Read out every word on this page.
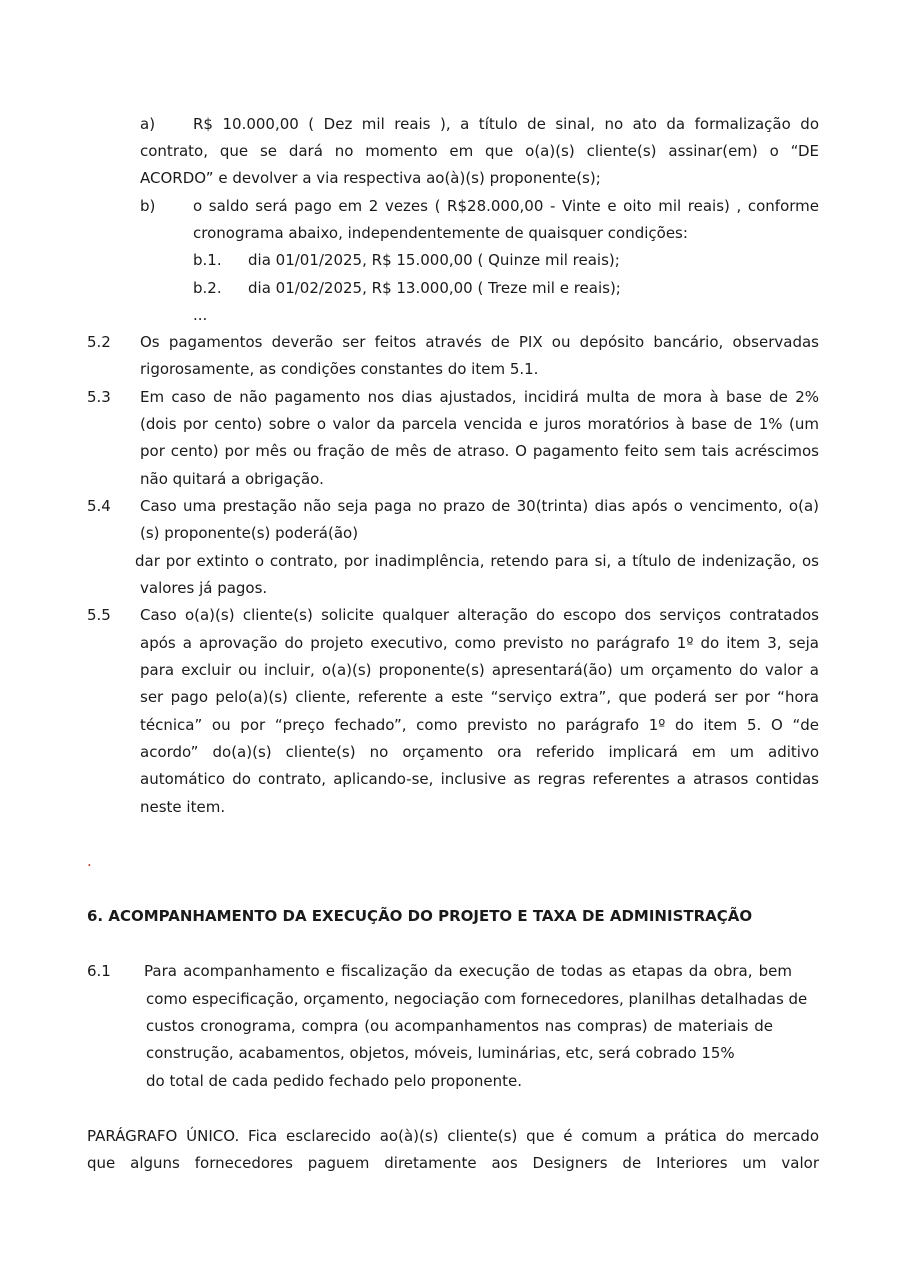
a)	R$ 10.000,00 ( Dez mil reais ), a título de sinal, no ato da formalização do
contrato, que se dará no momento em que o(a)(s) cliente(s) assinar(em) o “DE
ACORDO” e devolver a via respectiva ao(à)(s) proponente(s);
b)	o saldo será pago em 2 vezes ( R$28.000,00 - Vinte e oito mil reais) , conforme
cronograma abaixo, independentemente de quaisquer condições:
b.1. dia 01/01/2025, R$ 15.000,00 ( Quinze mil reais);
b.2. dia 01/02/2025, R$ 13.000,00 ( Treze mil e reais);
...
5.2 Os pagamentos deverão ser feitos através de PIX ou depósito bancário, observadas
rigorosamente, as condições constantes do item 5.1.
5.3 Em caso de não pagamento nos dias ajustados, incidirá multa de mora à base de 2%
(dois por cento) sobre o valor da parcela vencida e juros moratórios à base de 1% (um
por cento) por mês ou fração de mês de atraso. O pagamento feito sem tais acréscimos
não quitará a obrigação.
5.4 Caso uma prestação não seja paga no prazo de 30(trinta) dias após o vencimento, o(a)
(s) proponente(s) poderá(ão)
dar por extinto o contrato, por inadimplência, retendo para si, a título de indenização, os
valores já pagos.
5.5 Caso o(a)(s) cliente(s) solicite qualquer alteração do escopo dos serviços contratados
após a aprovação do projeto executivo, como previsto no parágrafo 1º do item 3, seja
para excluir ou incluir, o(a)(s) proponente(s) apresentará(ão) um orçamento do valor a
ser pago pelo(a)(s) cliente, referente a este “serviço extra”, que poderá ser por “hora
técnica” ou por “preço fechado”, como previsto no parágrafo 1º do item 5. O “de
acordo” do(a)(s) cliente(s) no orçamento ora referido implicará em um aditivo
automático do contrato, aplicando-se, inclusive as regras referentes a atrasos contidas
neste item.
.
6. ACOMPANHAMENTO DA EXECUÇÃO DO PROJETO E TAXA DE ADMINISTRAÇÃO
6.1 Para acompanhamento e fiscalização da execução de todas as etapas da obra, bem
como especificação, orçamento, negociação com fornecedores, planilhas detalhadas de
custos cronograma, compra (ou acompanhamentos nas compras) de materiais de
construção, acabamentos, objetos, móveis, luminárias, etc, será cobrado 15%
do total de cada pedido fechado pelo proponente.
PARÁGRAFO ÚNICO. Fica esclarecido ao(à)(s) cliente(s) que é comum a prática do mercado
que alguns fornecedores paguem diretamente aos Designers de Interiores um valor
